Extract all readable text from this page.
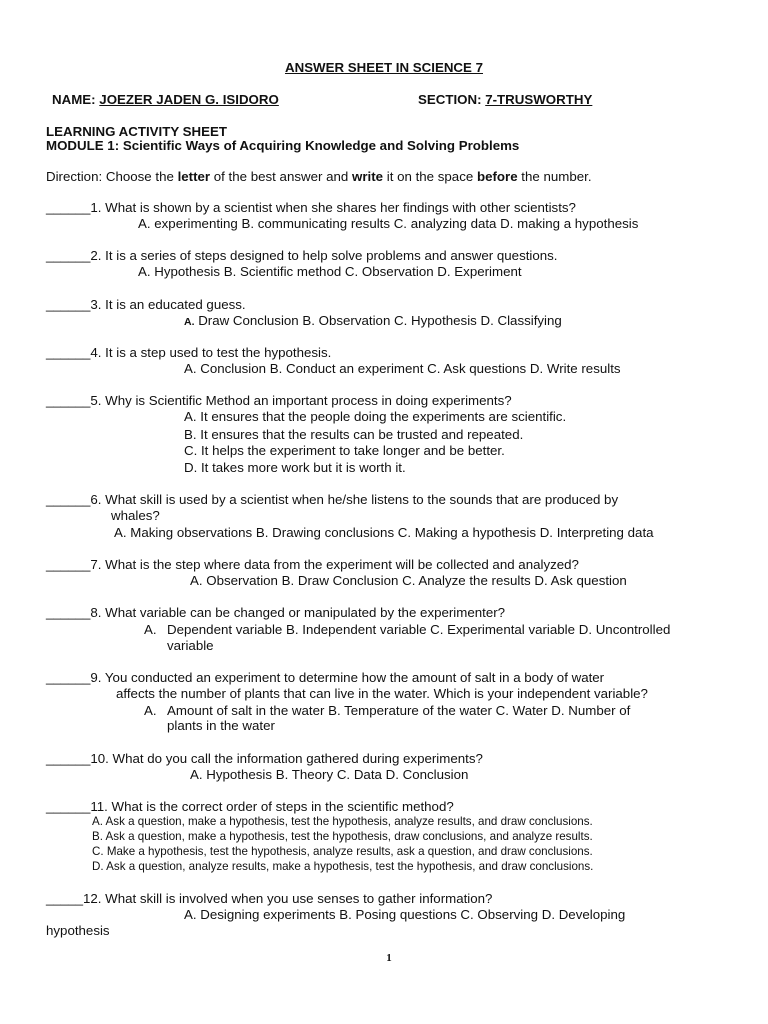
ANSWER SHEET IN SCIENCE 7
NAME: JOEZER JADEN G. ISIDORO	SECTION: 7-TRUSWORTHY
LEARNING ACTIVITY SHEET
MODULE 1: Scientific Ways of Acquiring Knowledge and Solving Problems
Direction: Choose the letter of the best answer and write it on the space before the number.
______1. What is shown by a scientist when she shares her findings with other scientists?
A. experimenting B. communicating results C. analyzing data D. making a hypothesis
______2. It is a series of steps designed to help solve problems and answer questions.
A. Hypothesis B. Scientific method C. Observation D. Experiment
______3. It is an educated guess.
A. Draw Conclusion B. Observation C. Hypothesis D. Classifying
______4. It is a step used to test the hypothesis.
A. Conclusion B. Conduct an experiment C. Ask questions D. Write results
______5. Why is Scientific Method an important process in doing experiments?
A. It ensures that the people doing the experiments are scientific.
B. It ensures that the results can be trusted and repeated.
C. It helps the experiment to take longer and be better.
D. It takes more work but it is worth it.
______6. What skill is used by a scientist when he/she listens to the sounds that are produced by
whales?
A. Making observations B. Drawing conclusions C. Making a hypothesis D. Interpreting data
______7. What is the step where data from the experiment will be collected and analyzed?
A. Observation B. Draw Conclusion C. Analyze the results D. Ask question
______8. What variable can be changed or manipulated by the experimenter?
A. Dependent variable B. Independent variable C. Experimental variable D. Uncontrolled
variable
______9. You conducted an experiment to determine how the amount of salt in a body of water
affects the number of plants that can live in the water. Which is your independent variable?
A. Amount of salt in the water B. Temperature of the water C. Water D. Number of
plants in the water
______10. What do you call the information gathered during experiments?
A. Hypothesis B. Theory C. Data D. Conclusion
______11. What is the correct order of steps in the scientific method?
A. Ask a question, make a hypothesis, test the hypothesis, analyze results, and draw conclusions.
B. Ask a question, make a hypothesis, test the hypothesis, draw conclusions, and analyze results.
C. Make a hypothesis, test the hypothesis, analyze results, ask a question, and draw conclusions.
D. Ask a question, analyze results, make a hypothesis, test the hypothesis, and draw conclusions.
_____12. What skill is involved when you use senses to gather information?
A. Designing experiments B. Posing questions C. Observing D. Developing
hypothesis
1
